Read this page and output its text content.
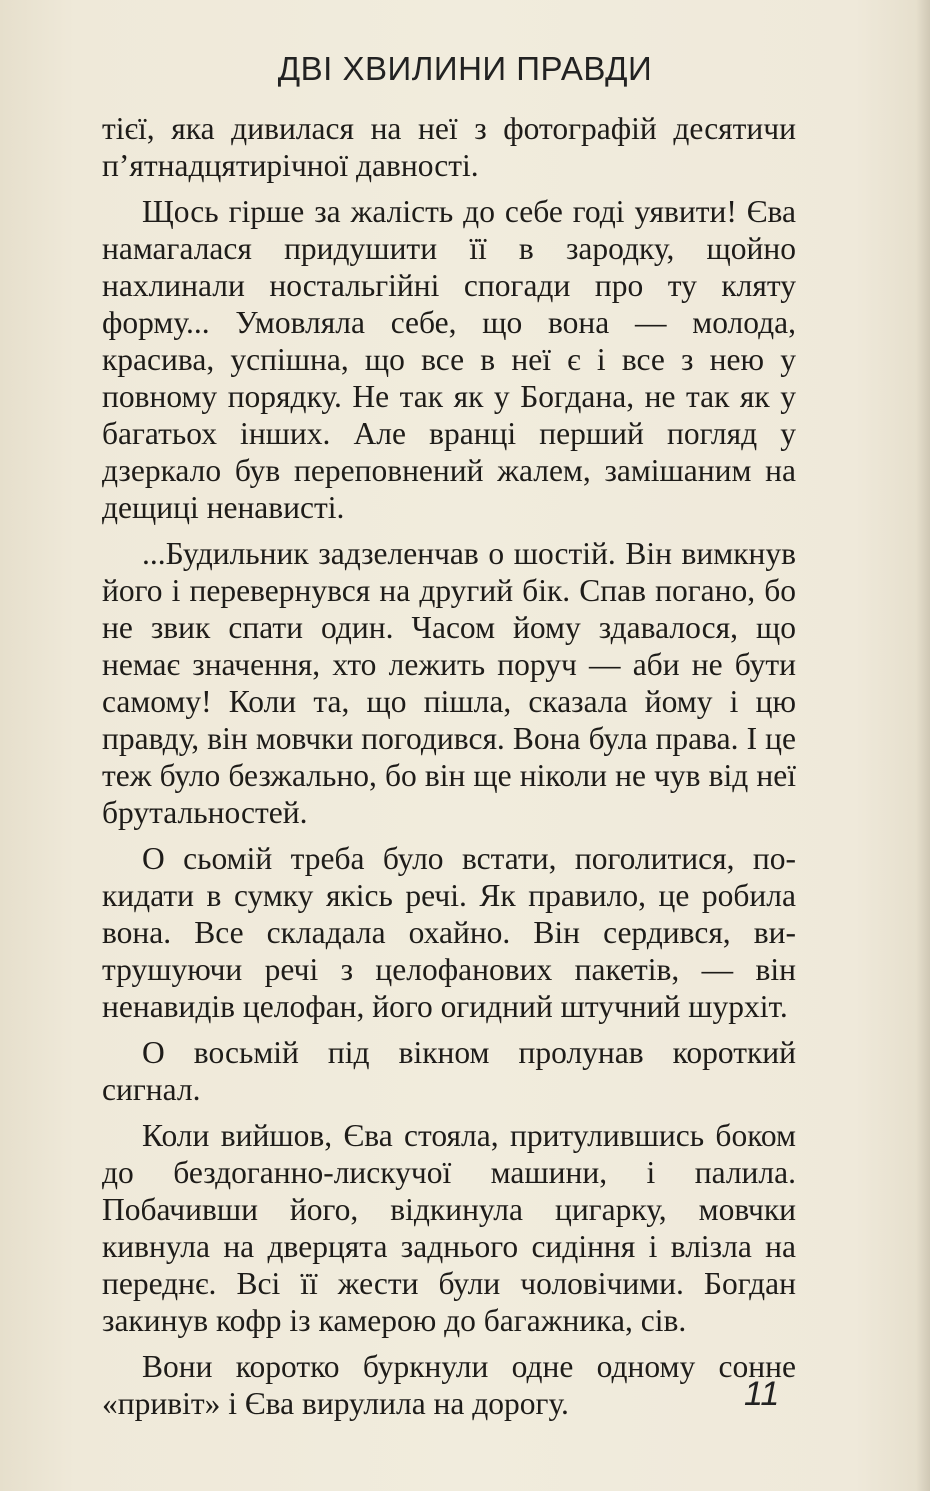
ДВІ ХВИЛИНИ ПРАВДИ

тієї, яка дивилася на неї з фотографій десятичи п’ятнадцятирічної давності.

Щось гірше за жалість до себе годі уявити! Єва намагалася придушити її в зародку, щойно нахлинали ностальгійні спогади про ту кляту форму... Умовляла себе, що вона — молода, красива, успішна, що все в неї є і все з нею у повному порядку. Не так як у Богдана, не так як у багатьох інших. Але вранці перший погляд у дзеркало був переповнений жалем, замішаним на дещиці ненависті.

...Будильник задзеленчав о шостій. Він вимкнув його і перевернувся на другий бік. Спав погано, бо не звик спати один. Часом йому здавалося, що немає значення, хто лежить поруч — аби не бути самому! Коли та, що пішла, сказала йому і цю правду, він мовчки погодився. Вона була права. І це теж було безжально, бо він ще ніколи не чув від неї брутальностей.

О сьомій треба було встати, поголитися, покидати в сумку якісь речі. Як правило, це робила вона. Все складала охайно. Він сердився, витрушуючи речі з целофанових пакетів, — він ненавидів целофан, його огидний штучний шурхіт.

О восьмій під вікном пролунав короткий сигнал.

Коли вийшов, Єва стояла, притулившись боком до бездоганно-лискучої машини, і палила. Побачивши його, відкинула цигарку, мовчки кивнула на дверцята заднього сидіння і влізла на переднє. Всі її жести були чоловічими. Богдан закинув кофр із камерою до багажника, сів.

Вони коротко буркнули одне одному сонне «привіт» і Єва вирулила на дорогу.	11
